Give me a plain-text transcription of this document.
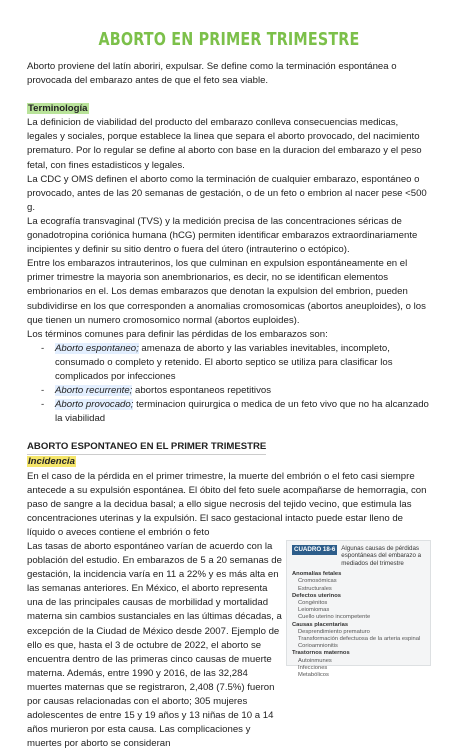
ABORTO EN PRIMER TRIMESTRE

Aborto proviene del latín aboriri, expulsar. Se define como la terminación espontánea o provocada del embarazo antes de que el feto sea viable.

Terminología

La definicion de viabilidad del producto del embarazo conlleva consecuencias medicas, legales y sociales, porque establece la linea que separa el aborto provocado, del nacimiento prematuro. Por lo regular se define al aborto con base en la duracion del embarazo y el peso fetal, con fines estadisticos y legales.

La CDC y OMS definen el aborto como la terminación de cualquier embarazo, espontáneo o provocado, antes de las 20 semanas de gestación, o de un feto o embrion al nacer pese <500 g.

La ecografía transvaginal (TVS) y la medición precisa de las concentraciones séricas de gonadotropina coriónica humana (hCG) permiten identificar embarazos extraordinariamente incipientes y definir su sitio dentro o fuera del útero (intrauterino o ectópico).

Entre los embarazos intrauterinos, los que culminan en expulsion espontáneamente en el primer trimestre la mayoria son anembrionarios, es decir, no se identifican elementos embrionarios en el. Los demas embarazos que denotan la expulsion del embrion, pueden subdividirse en los que corresponden a anomalias cromosomicas (abortos aneuploides), o los que tienen un numero cromosomico normal (abortos euploides).

Los términos comunes para definir las pérdidas de los embarazos son:

- Aborto espontaneo; amenaza de aborto y las variables inevitables, incompleto, consumado o completo y retenido. El aborto septico se utiliza para clasificar los complicados por infecciones
- Aborto recurrente; abortos espontaneos repetitivos
- Aborto provocado; terminacion quirurgica o medica de un feto vivo que no ha alcanzado la viabilidad
ABORTO ESPONTANEO EN EL PRIMER TRIMESTRE
Incidencia

En el caso de la pérdida en el primer trimestre, la muerte del embrión o el feto casi siempre antecede a su expulsión espontánea. El óbito del feto suele acompañarse de hemorragia, con paso de sangre a la decidua basal; a ello sigue necrosis del tejido vecino, que estimula las concentraciones uterinas y la expulsión. El saco gestacional intacto puede estar lleno de líquido o aveces contiene el embrión o feto

CUADRO 18-6 Algunas causas de pérdidas espontáneas del embarazo a mediados del trimestre
Anomalías fetales
Cromosómicas
Estructurales
Defectos uterinos
Congénitos
Leiomiomas
Cuello uterino incompetente
Causas placentarias
Desprendimiento prematuro
Transformación defectuosa de la arteria espinal
Corioamnionitis
Trastornos maternos
Autoinmunes
Infecciones
Metabólicos

Las tasas de aborto espontáneo varían de acuerdo con la población del estudio. En embarazos de 5 a 20 semanas de gestación, la incidencia varía en 11 a 22% y es más alta en las semanas anteriores. En México, el aborto representa una de las principales causas de morbilidad y mortalidad materna sin cambios sustanciales en las últimas décadas, a excepción de la Ciudad de México desde 2007. Ejemplo de ello es que, hasta el 3 de octubre de 2022, el aborto se encuentra dentro de las primeras cinco causas de muerte materna. Además, entre 1990 y 2016, de las 32,284 muertes maternas que se registraron, 2,408 (7.5%) fueron por causas relacionadas con el aborto; 305 mujeres adolescentes de entre 15 y 19 años y 13 niñas de 10 a 14 años murieron por esta causa. Las complicaciones y muertes por aborto se consideran
